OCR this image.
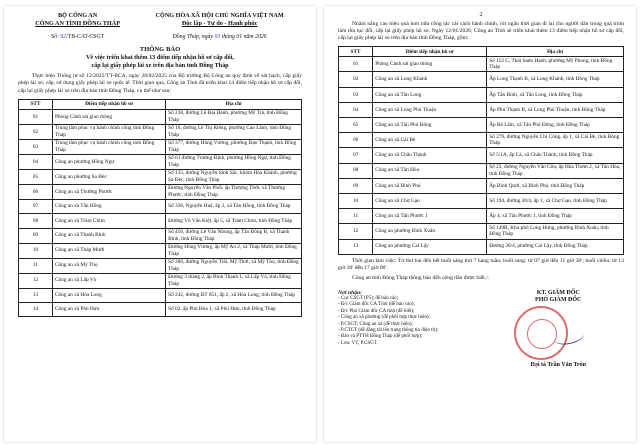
BỘ CÔNG AN
CÔNG AN TỈNH ĐỒNG THÁP
Số: 92/TB-CAT-CSGT
CỘNG HÒA XÃ HỘI CHỦ NGHĨA VIỆT NAM
Độc lập - Tự do - Hạnh phúc
Đồng Tháp, ngày 03 tháng 01 năm 2026
THÔNG BÁO
Về việc triển khai thêm 13 điểm tiếp nhận hồ sơ cấp đổi,
cấp lại giấy phép lái xe trên địa bàn tỉnh Đồng Tháp

Thực hiện Thông tư số 12/2025/TT-BCA, ngày 28/02/2025 của Bộ trưởng Bộ Công an quy định về sát hạch, cấp giấy phép lái xe; cấp, sử dụng giấy phép lái xe quốc tế. Thời gian qua, Công an Tỉnh đã triển khai 14 điểm tiếp nhận hồ sơ cấp đổi, cấp lại giấy phép lái xe trên địa bàn tỉnh Đồng Tháp, cụ thể như sau:

STT	Điểm tiếp nhận hồ sơ	Địa chỉ
01	Phòng Cảnh sát giao thông	Số 238, đường Lê Đại Hành, phường Mỹ Trà, tỉnh Đồng Tháp
02	Trung tâm phục vụ hành chính công tỉnh Đồng Tháp	Số 10, đường Lê Thị Riêng, phường Cao Lãnh, tỉnh Đồng Tháp
03	Trung tâm phục vụ hành chính công tỉnh Đồng Tháp	Số 377, đường Hùng Vương, phường Đạo Thạnh, tỉnh Đồng Tháp
04	Công an phường Hồng Ngự	Số 61 đường Trương Định, phường Hồng Ngự, tỉnh Đồng Tháp
05	Công an phường Sa Đéc	Số 135, đường Nguyễn Sinh Sắc, khóm Hòa Khánh, phường Sa Đéc, tỉnh Đồng Tháp
06	Công an xã Thường Phước	Đường Nguyễn Văn Phối, ấp Thượng Thới, xã Thường Phước, tỉnh Đồng Tháp
07	Công an xã Tân Hồng	Số 336, Nguyễn Huệ, ấp 3, xã Tân Hồng, tỉnh Đồng Tháp
08	Công an xã Tràm Chim	Đường Võ Văn Kiệt, ấp 5, xã Tràm Chim, tỉnh Đồng Tháp
09	Công an xã Thanh Bình	Số 456, đường Lê Văn Nhung, ấp Tân Đông B, xã Thanh Bình, tỉnh Đồng Tháp
10	Công an xã Tháp Mười	Đường Hùng Vương, ấp Mỹ An 2, xã Tháp Mười, tỉnh Đồng Tháp
11	Công an xã Mỹ Thọ	Số 286, đường Nguyễn Trãi, Mỹ Thới, xã Mỹ Thọ, tỉnh Đồng Tháp
12	Công an xã Lấp Vò	Đường 3 tháng 2, ấp Bình Thạnh 1, xã Lấp Vò, tỉnh Đồng Tháp
13	Công an xã Hòa Long	Số 242, đường ĐT 851, ấp 2, xã Hòa Long, tỉnh Đồng Tháp
14	Công an xã Phú Hựu	Số 02, ấp Phú Hòa 1, xã Phú Hựu, tỉnh Đồng Tháp
2

Nhằm nâng cao hiệu quả hơn nữa công tác cải cách hành chính, rút ngắn thời gian đi lại cho người dân trong quá trình làm thủ tục đổi, cấp lại giấy phép lái xe. Ngày 12/01/2026, Công an Tỉnh sẽ triển khai thêm 13 điểm tiếp nhận hồ sơ cấp đổi, cấp lại giấy phép lái xe trên địa bàn tỉnh Đồng Tháp, gồm:

STT	Điểm tiếp nhận hồ sơ	Địa chỉ
01	Phòng Cảnh sát giao thông	Số 152 C, Thái Sanh Hạnh, phường Mỹ Phong, tỉnh Đồng Tháp
02	Công an xã Long Khánh	Ấp Long Thạnh B, xã Long Khánh, tỉnh Đồng Tháp
03	Công an xã Tân Long	Ấp Tân Bình, xã Tân Long, tỉnh Đồng Tháp
04	Công an xã Long Phú Thuận	Ấp Phú Thạnh B, xã Long Phú Thuận, tỉnh Đồng Tháp
05	Công an xã Tân Phú Đông	Ấp Bà Lắm, xã Tân Phú Đông, tỉnh Đồng Tháp
06	Công an xã Cái Bè	Số 279, đường Nguyễn Chí Công, ấp 1, xã Cái Bè, tỉnh Đồng Tháp
07	Công an xã Châu Thành	Số 5/1A, ấp Cá, xã Châu Thành, tỉnh Đồng Tháp
08	Công an xã Tân Hòa	Số 23, đường Nguyễn Văn Côn, ấp Hòa Thơm 2, xã Tân Hòa, tỉnh Đồng Tháp
09	Công an xã Bình Phú	Ấp Bình Quới, xã Bình Phú, tỉnh Đồng Tháp
10	Công an xã Chợ Gạo	Số 194, đường 30/4, ấp 1, xã Chợ Gạo, tỉnh Đồng Tháp
11	Công an xã Tân Phước 1	Ấp 4, xã Tân Phước 1, tỉnh Đồng Tháp
12	Công an phường Bình Xuân	Số 149B, Khu phố Long Hưng, phường Bình Xuân, tỉnh Đồng Tháp
13	Công an phường Cai Lậy	Đường 30/4, phường Cai Lậy, tỉnh Đồng Tháp

Thời gian làm việc: Từ thứ hai đến hết buổi sáng thứ 7 hàng tuần; buổi sáng: từ 07 giờ đến 11 giờ 30'; buổi chiều: từ 13 giờ 30' đến 17 giờ 00'.

Công an tỉnh Đồng Tháp thông báo đến công dân được biết./.

Nơi nhận:
- Cục CSGT (P5); để báo cáo;
- Đ/c Giám đốc CA Tỉnh (để báo cáo);
- Đ/c Phó Giám đốc CA tỉnh (để biết);
- Công an xã phường (để phối hợp thực hiện);
- P.CSGT; Công an xã (để thực hiện);
- P.CTCT (để đăng tải lên trang thông tin điện tử);
- Báo và PTTH Đồng Tháp (để phối hợp);
- Lưu: VT, P.CSGT.
KT. GIÁM ĐỐC
PHÓ GIÁM ĐỐC
Đại tá Trần Văn Tròn
